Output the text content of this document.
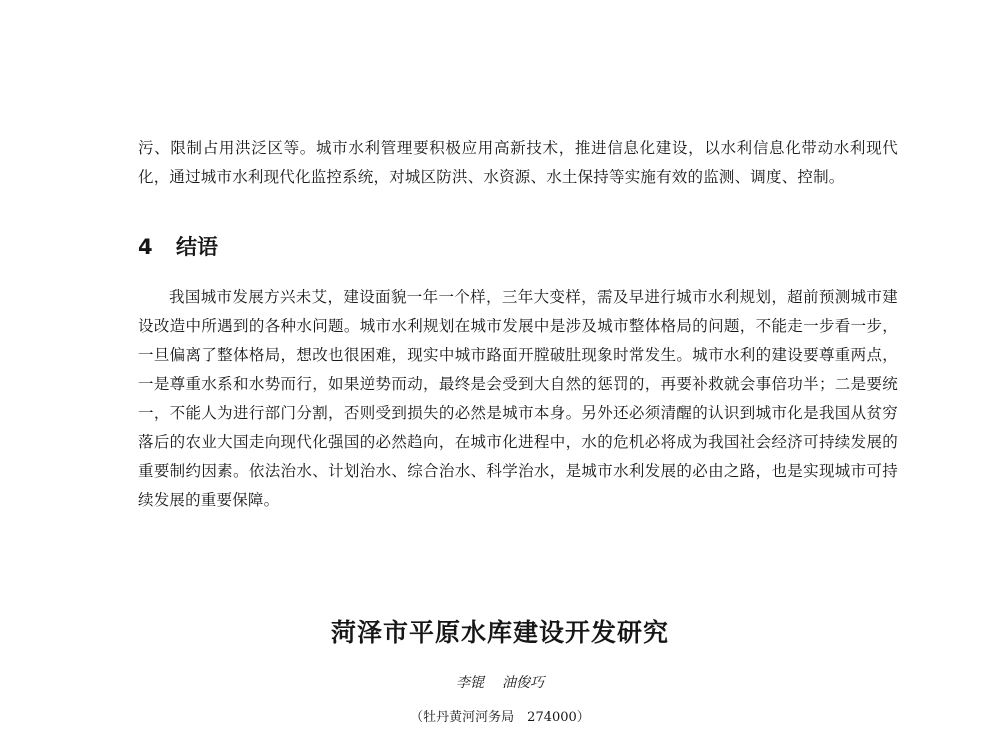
污、限制占用洪泛区等。城市水利管理要积极应用高新技术，推进信息化建设，以水利信息化带动水利现代化，通过城市水利现代化监控系统，对城区防洪、水资源、水土保持等实施有效的监测、调度、控制。

4 结语

我国城市发展方兴未艾，建设面貌一年一个样，三年大变样，需及早进行城市水利规划，超前预测城市建设改造中所遇到的各种水问题。城市水利规划在城市发展中是涉及城市整体格局的问题，不能走一步看一步，一旦偏离了整体格局，想改也很困难，现实中城市路面开膛破肚现象时常发生。城市水利的建设要尊重两点，一是尊重水系和水势而行，如果逆势而动，最终是会受到大自然的惩罚的，再要补救就会事倍功半；二是要统一，不能人为进行部门分割，否则受到损失的必然是城市本身。另外还必须清醒的认识到城市化是我国从贫穷落后的农业大国走向现代化强国的必然趋向，在城市化进程中，水的危机必将成为我国社会经济可持续发展的重要制约因素。依法治水、计划治水、综合治水、科学治水，是城市水利发展的必由之路，也是实现城市可持续发展的重要保障。

菏泽市平原水库建设开发研究
李锟 油俊巧
（牡丹黄河河务局　274000）
